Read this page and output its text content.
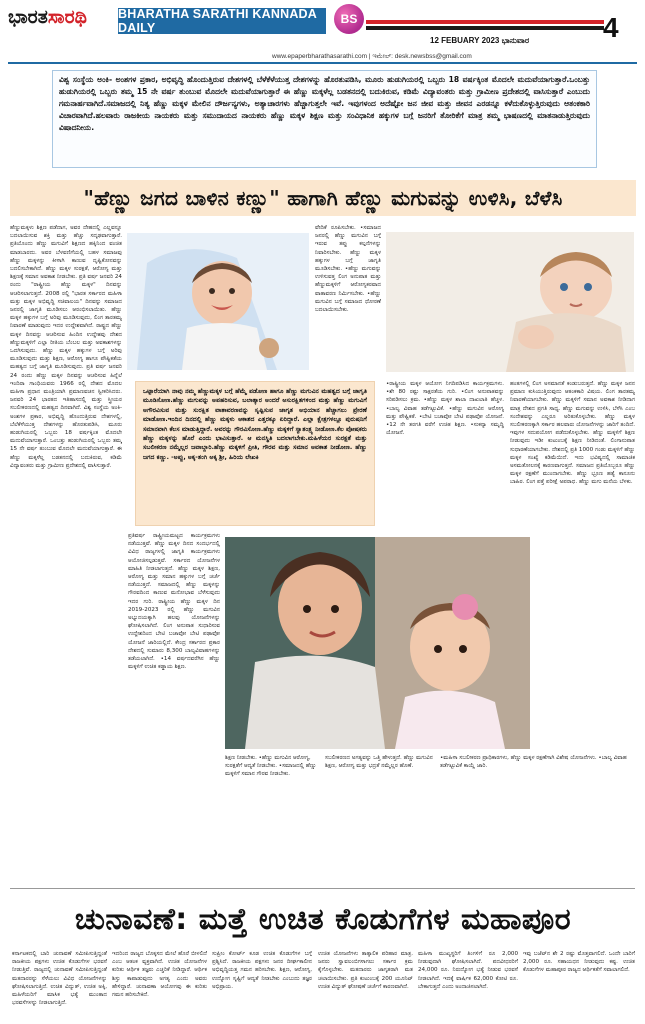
ಭಾರತಸಾರಥಿ BHARATHA SARATHI KANNADA DAILY
BS
12 FEBUARY 2023 ಭಾನುವಾರ	4
www.epaperbharathasarathi.com | ಇಮೇಲ್: desk.newsbss@gmail.com

ವಿಶ್ವ ಸಂಸ್ಥೆಯ ಅಂಕಿ- ಅಂಶಗಳ ಪ್ರಕಾರ, ಅಭಿವೃದ್ಧಿ ಹೊಂದುತ್ತಿರುವ ದೇಶಗಳಲ್ಲಿ ಬೆಳೆಕೆಳೆಯುತ್ತ ದೇಶಗಳನ್ನು ಹೊರತುಪಡಿಸಿ, ಮೂರು ಹುಡುಗಿಯರಲ್ಲಿ ಒಬ್ಬರು 18 ವರ್ಷಕ್ಕಿಂತ ಮೊದಲೇ ಮದುವೆಯಾಗುತ್ತಾರೆ.ಒಂಬತ್ತು ಹುಡುಗಿಯರಲ್ಲಿ ಒಬ್ಬರು ತಮ್ಮ 15 ನೇ ವರ್ಷ ತುಂಬುವ ಮೊದಲೇ ಮದುವೆಯಾಗುತ್ತಾರೆ ಈ ಹೆಣ್ಣು ಮಕ್ಕಳೆಲ್ಲ ಬಡತನದಲ್ಲಿ ಬದುಕಿರುವ, ಕಡಿಮೆ ವಿದ್ಯಾವಂತರು ಮತ್ತು ಗ್ರಾಮೀಣ ಪ್ರದೇಶದಲ್ಲಿ ವಾಸಿಸುತ್ತಾರೆ ಎಂಬುದು ಗಮನಾರ್ಹವಾಗಿದೆ.ಸಮಾಜದಲ್ಲಿ ನಿತ್ಯ ಹೆಣ್ಣು ಮಕ್ಕಳ ಮೇಲಿನ ದೌರ್ಜನ್ಯಗಳು, ಅತ್ಯಾಚಾರಗಳು ಹೆಚ್ಚಾಗುತ್ತಲೇ ಇವೆ. ಇವುಗಳಂದ ಅದೆಷ್ಟೋ ಜನ ಜೀವ ಮತ್ತು ಜೀವನ ಎರಡನ್ನೂ ಕಳೆದುಕೊಳ್ಳುತ್ತಿರುವುದು ಆತಂಕಕಾರಿ ವಿಚಾರವಾಗಿದೆ.ಹಲವಾರು ರಾಜಕೀಯ ನಾಯಕರು ಮತ್ತು ಸಮುದಾಯದ ನಾಯಕರು ಹೆಣ್ಣು ಮಕ್ಕಳ ಶಿಕ್ಷಣ ಮತ್ತು ಸಂವಿಧಾನಿಕ ಹಕ್ಕುಗಳ ಬಗ್ಗೆ ಜನರಿಗೆ ತೋರಿಕೆಗೆ ಮಾತ್ರ ತಮ್ಮ ಭಾಷಣದಲ್ಲಿ ಮಾತನಾಡುತ್ತಿರುವುದು ವಿಷಾದನೀಯ.

"ಹೆಣ್ಣು ಜಗದ ಬಾಳಿನ ಕಣ್ಣು" ಹಾಗಾಗಿ ಹೆಣ್ಣು ಮಗುವನ್ನು ಉಳಿಸಿ, ಬೆಳೆಸಿ
ಹೆಣ್ಣುಮಕ್ಕಳು ಶಿಕ್ಷಣ ಪಡೆದಾಗ, ಅವರ ದೇಹದಲ್ಲಿ ಎಲ್ಲವನ್ನೂ ಬದಲಾಯಿಸುವ ಶಕ್ತಿ ಮತ್ತು ಹೆಚ್ಚು ಸದೃಢವಾಗುತ್ತಾರೆ. ಪ್ರತಿಯೊಂದು ಹೆಣ್ಣು ಮಗುವಿಗೆ ಶಿಕ್ಷಣದ ಹಕ್ಕಿನಿಂದ ವಂಚಿತ ಮಾಡಬಾರದು. ಅವರ ಬೆಳವಣಿಗೆಯಲ್ಲಿ ಬಹಳ ಸಮಾಜವು ಹೆಣ್ಣು ಮಕ್ಕಳನ್ನು ಕೀಳಾಗಿ ಕಾಣುವ ದೃಷ್ಟಿಕೋನವನ್ನು ಬದಲಿಸಬೇಕಾಗಿದೆ. ಹೆಣ್ಣು ಮಕ್ಕಳ ಸುರಕ್ಷತೆ, ಆರೋಗ್ಯ ಮತ್ತು ಶಿಕ್ಷಣಕ್ಕೆ ಸಮಾನ ಅವಕಾಶ ನೀಡಬೇಕು. ಪ್ರತಿ ವರ್ಷ ಜನವರಿ 24 ರಂದು "ರಾಷ್ಟ್ರೀಯ ಹೆಣ್ಣು ಮಕ್ಕಳ" ದಿನವನ್ನು ಆಚರಿಸಲಾಗುತ್ತದೆ. 2008 ರಲ್ಲಿ "ಭಾರತ ಸರ್ಕಾರದ ಮಹಿಳಾ ಮತ್ತು ಮಕ್ಕಳ ಅಭಿವೃದ್ಧಿ ಸಚಿವಾಲಯ" ದಿನವನ್ನು ಸಮಾಜದ ಜನರಲ್ಲಿ ಜಾಗೃತಿ ಮೂಡಿಸಲು ಆರಂಭಿಸಲಾಯಿತು. ಹೆಣ್ಣು ಮಕ್ಕಳ ಹಕ್ಕುಗಳ ಬಗ್ಗೆ ಅರಿವು ಮೂಡಿಸುವುದು, ಲಿಂಗ ತಾರತಮ್ಯ ನಿವಾರಣೆ ಮಾಡುವುದು ಇದರ ಉದ್ದೇಶವಾಗಿದೆ. ರಾಷ್ಟ್ರದ ಹೆಣ್ಣು ಮಕ್ಕಳ ದಿನವನ್ನು ಆಚರಿಸುವ ಹಿಂದಿನ ಉದ್ದೇಶವು ದೇಶದ ಹೆಣ್ಣುಮಕ್ಕಳಿಗೆ ಎಲ್ಲಾ ರೀತಿಯ ಬೆಂಬಲ ಮತ್ತು ಅವಕಾಶಗಳನ್ನು ಒದಗಿಸುವುದು. ಹೆಣ್ಣು ಮಕ್ಕಳ ಹಕ್ಕುಗಳ ಬಗ್ಗೆ ಅರಿವು ಮೂಡಿಸುವುದು ಮತ್ತು ಶಿಕ್ಷಣ, ಆರೋಗ್ಯ ಹಾಗೂ ಪೌಷ್ಟಿಕತೆಯ ಮಹತ್ವದ ಬಗ್ಗೆ ಜಾಗೃತಿ ಮೂಡಿಸುವುದು. ಪ್ರತಿ ವರ್ಷ ಜನವರಿ 24 ರಂದು ಹೆಣ್ಣು ಮಕ್ಕಳ ದಿನವನ್ನು ಆಚರಿಸುವ ಹಿನ್ನೆಲೆ ಇಂದಿರಾ ಗಾಂಧಿಯವರು 1966 ರಲ್ಲಿ ದೇಶದ ಮೊದಲ ಮಹಿಳಾ ಪ್ರಧಾನ ಮಂತ್ರಿಯಾಗಿ ಪ್ರಮಾಣವಚನ ಸ್ವೀಕರಿಸಿದರು. ಜನವರಿ 24 ಭಾರತದ ಇತಿಹಾಸದಲ್ಲಿ ಮತ್ತು ಸ್ತ್ರೀಯರ ಸಬಲೀಕರಣದಲ್ಲಿ ಮಹತ್ವದ ದಿನವಾಗಿದೆ. ವಿಶ್ವ ಸಂಸ್ಥೆಯ ಅಂಕಿ- ಅಂಶಗಳ ಪ್ರಕಾರ, ಅಭಿವೃದ್ಧಿ ಹೊಂದುತ್ತಿರುವ ದೇಶಗಳಲ್ಲಿ, ಬೆಲೆಕೆಳೆಯುತ್ತ ದೇಶಗಳನ್ನು ಹೊರತುಪಡಿಸಿ, ಮೂರು ಹುಡುಗಿಯರಲ್ಲಿ ಒಬ್ಬರು 18 ವರ್ಷಕ್ಕಿಂತ ಮೊದಲೇ ಮದುವೆಯಾಗುತ್ತಾರೆ. ಒಂಬತ್ತು ಹುಡುಗಿಯರಲ್ಲಿ ಒಬ್ಬರು ತಮ್ಮ 15 ನೇ ವರ್ಷ ತುಂಬುವ ಮೊದಲೇ ಮದುವೆಯಾಗುತ್ತಾರೆ. ಈ ಹೆಣ್ಣು ಮಕ್ಕಳೆಲ್ಲ ಬಡತನದಲ್ಲಿ ಬದುಕಿರುವ, ಕಡಿಮೆ ವಿದ್ಯಾವಂತರು ಮತ್ತು ಗ್ರಾಮೀಣ ಪ್ರದೇಶದಲ್ಲಿ ವಾಸಿಸುತ್ತಾರೆ.
ವೇದಿಕೆ ರೂಪಿಸಬೇಕು. •ಸಮಾಜದ ಜನರಲ್ಲಿ ಹೆಣ್ಣು ಮಗುವಿನ ಬಗ್ಗೆ ಇರುವ ತಪ್ಪು ಕಲ್ಪನೆಗಳನ್ನು ನಿವಾರಿಸಬೇಕು. ಹೆಣ್ಣು ಮಕ್ಕಳ ಹಕ್ಕುಗಳ ಬಗ್ಗೆ ಜಾಗೃತಿ ಮೂಡಿಸಬೇಕು. •ಹೆಣ್ಣು ಮಗುವನ್ನು ಉಳಿಸುವತ್ತ ಲಿಂಗ ಅನುಪಾತ ಮತ್ತು ಹೆಣ್ಣುಮಕ್ಕಳಿಗೆ ಆರೋಗ್ಯಕರವಾದ ವಾತಾವರಣ ನಿರ್ಮಿಸಬೇಕು. •ಹೆಣ್ಣು ಮಗುವಿನ ಬಗ್ಗೆ ಸಮಾಜದ ಧೋರಣೆ ಬದಲಾಯಿಸಬೇಕು.
•ರಾಷ್ಟ್ರೀಯ ಮಕ್ಕಳ ಆಯೋಗ ನಿಗದಿಪಡಿಸಿದ ಕಾರ್ಯಕ್ರಮಗಳು. •ಶೇ 80 ರಷ್ಟು ಸಾಕ್ಷರತೆಯ ಗುರಿ. •ಲಿಂಗ ಅನುಪಾತವನ್ನು ಸರಿಪಡಿಸಲು ಕ್ರಮ. •ಹೆಣ್ಣು ಮಕ್ಕಳ ಶಾಲಾ ದಾಖಲಾತಿ ಹೆಚ್ಚಳ. •ಬಾಲ್ಯ ವಿವಾಹ ತಡೆಗಟ್ಟುವಿಕೆ. •ಹೆಣ್ಣು ಮಗುವಿನ ಆರೋಗ್ಯ ಮತ್ತು ಪೌಷ್ಟಿಕತೆ. •ಬೇಟಿ ಬಚಾವೋ ಬೇಟಿ ಪಢಾವೋ ಯೋಜನೆ. •12 ನೇ ತರಗತಿ ವರೆಗೆ ಉಚಿತ ಶಿಕ್ಷಣ. •ಸುಕನ್ಯಾ ಸಮೃದ್ಧಿ ಯೋಜನೆ.
ಹಂತಗಳಲ್ಲಿ ಲಿಂಗ ಅಸಮಾನತೆ ಕಂಡುಬರುತ್ತದೆ. ಹೆಣ್ಣು ಮಕ್ಕಳ ಜನನ ಪ್ರಮಾಣ ಕುಸಿಯುತ್ತಿರುವುದು ಆತಂಕಕಾರಿ ವಿಷಯ. ಲಿಂಗ ತಾರತಮ್ಯ ನಿವಾರಣೆಯಾಗಬೇಕು. ಹೆಣ್ಣು ಮಕ್ಕಳಿಗೆ ಸಮಾನ ಅವಕಾಶ ನೀಡಿದಾಗ ಮಾತ್ರ ದೇಶದ ಪ್ರಗತಿ ಸಾಧ್ಯ. ಹೆಣ್ಣು ಮಗುವನ್ನು ಉಳಿಸಿ, ಬೆಳೆಸಿ ಎಂಬ ಸಂದೇಶವನ್ನು ಎಲ್ಲರೂ ಅರಿತುಕೊಳ್ಳಬೇಕು. ಹೆಣ್ಣು ಮಕ್ಕಳ ಸಬಲೀಕರಣಕ್ಕಾಗಿ ಸರ್ಕಾರ ಹಲವಾರು ಯೋಜನೆಗಳನ್ನು ಜಾರಿಗೆ ತಂದಿದೆ. ಇವುಗಳ ಸದುಪಯೋಗ ಪಡೆದುಕೊಳ್ಳಬೇಕು. ಹೆಣ್ಣು ಮಕ್ಕಳಿಗೆ ಶಿಕ್ಷಣ ನೀಡುವುದು ಇಡೀ ಕುಟುಂಬಕ್ಕೆ ಶಿಕ್ಷಣ ನೀಡಿದಂತೆ. ಲಿಂಗಾನುಪಾತ ಸುಧಾರಣೆಯಾಗಬೇಕು. ದೇಶದಲ್ಲಿ ಪ್ರತಿ 1000 ಗಂಡು ಮಕ್ಕಳಿಗೆ ಹೆಣ್ಣು ಮಕ್ಕಳ ಸಂಖ್ಯೆ ಕಡಿಮೆಯಿದೆ. ಇದು ಭವಿಷ್ಯದಲ್ಲಿ ಸಾಮಾಜಿಕ ಅಸಮತೋಲನಕ್ಕೆ ಕಾರಣವಾಗುತ್ತದೆ. ಸಮಾಜದ ಪ್ರತಿಯೊಬ್ಬರೂ ಹೆಣ್ಣು ಮಕ್ಕಳ ರಕ್ಷಣೆಗೆ ಮುಂದಾಗಬೇಕು. ಹೆಣ್ಣು ಭ್ರೂಣ ಹತ್ಯೆ ಕಾನೂನು ಬಾಹಿರ. ಲಿಂಗ ಪತ್ತೆ ಪರೀಕ್ಷೆ ಅಪರಾಧ. ಹೆಣ್ಣು ಮಗು ಮನೆಯ ಬೆಳಕು.

ಒಟ್ಟಾರೆಯಾಗಿ ನಾವು ನಮ್ಮ ಹೆಣ್ಣುಮಕ್ಕಳ ಬಗ್ಗೆ ಹೆಮ್ಮೆ ಪಡೋಣ ಹಾಗೂ ಹೆಣ್ಣು ಮಗುವಿನ ಮಹತ್ವದ ಬಗ್ಗೆ ಜಾಗೃತಿ ಮೂಡಿಸೋಣ.ಹೆಣ್ಣು ಮಗುವನ್ನು ಅಪಹರಿಸುವ, ಬಲಾತ್ಕಾರ ಅಂದರೆ ಅಸುರಕ್ಷಿತಗಳಿಂದ ಮತ್ತು ಹೆಣ್ಣು ಮಗುವಿಗೆ ಅಗೌರವಿಸುವ ಮತ್ತು ಸುರಕ್ಷಿತ ವಾತಾವರಣವನ್ನು ಸೃಷ್ಟಿಸುವ ಜಾಗೃತ ಅಭಿಯಾನ ಹೆಚ್ಚಾಗಲು ಪ್ರೇರಣೆ ಮಾಡೋಣ.ಇಂದಿನ ದಿನದಲ್ಲಿ ಹೆಣ್ಣು ಮಕ್ಕಳು ಆಕಾಶದ ಎತ್ತರಕ್ಕೂ ಏರಿದ್ದಾರೆ. ಎಲ್ಲಾ ಕ್ಷೇತ್ರಗಳಲ್ಲೂ ಪುರುಷನಿಗೆ ಸಮಾನವಾಗಿ ಕೆಲಸ ಮಾಡುತ್ತಿದ್ದಾರೆ. ಅವರನ್ನು ಗೌರವಿಸೋಣ.ಹೆಣ್ಣು ಮಕ್ಕಳಿಗೆ ಸ್ವಾತಂತ್ರ್ಯ ನೀಡೋಣ.ಕೆಲ ಪೋಷಕರು ಹೆಣ್ಣು ಮಕ್ಕಳನ್ನು ಹೊರೆ ಎಂದು ಭಾವಿಸುತ್ತಾರೆ. ಆ ಮನಸ್ಥಿತಿ ಬದಲಾಗಬೇಕು.ಮಹಿಳೆಯರ ಸುರಕ್ಷತೆ ಮತ್ತು ಸಬಲೀಕರಣ ನಮ್ಮೆಲ್ಲರ ಜವಾಬ್ದಾರಿ.ಹೆಣ್ಣು ಮಕ್ಕಳಿಗೆ ಪ್ರೀತಿ, ಗೌರವ ಮತ್ತು ಸಮಾನ ಅವಕಾಶ ನೀಡೋಣ. ಹೆಣ್ಣು ಜಗದ ಕಣ್ಣು. -ಅಪ್ಪು, ಅಕ್ಕ-ತಂಗಿ ಅಕ್ಕ ಶ್ರೀ, ಹಿರಿಯ ಲೇಖಕಿ

ಪ್ರತಿವರ್ಷ ರಾಷ್ಟ್ರೀಯಮಟ್ಟದ ಕಾರ್ಯಕ್ರಮಗಳು ನಡೆಯುತ್ತವೆ. ಹೆಣ್ಣು ಮಕ್ಕಳ ದಿನದ ಸಂದರ್ಭದಲ್ಲಿ ವಿವಿಧ ರಾಜ್ಯಗಳಲ್ಲಿ ಜಾಗೃತಿ ಕಾರ್ಯಕ್ರಮಗಳು ಆಯೋಜಿಸಲ್ಪಡುತ್ತವೆ. ಸರ್ಕಾರದ ಯೋಜನೆಗಳ ಮಾಹಿತಿ ನೀಡಲಾಗುತ್ತದೆ. ಹೆಣ್ಣು ಮಕ್ಕಳ ಶಿಕ್ಷಣ, ಆರೋಗ್ಯ ಮತ್ತು ಸಮಾನ ಹಕ್ಕುಗಳ ಬಗ್ಗೆ ಚರ್ಚೆ ನಡೆಯುತ್ತದೆ. ಸಮಾಜದಲ್ಲಿ ಹೆಣ್ಣು ಮಕ್ಕಳನ್ನು ಗೌರವದಿಂದ ಕಾಣುವ ಮನೋಭಾವ ಬೆಳೆಸುವುದು ಇದರ ಗುರಿ. ರಾಷ್ಟ್ರೀಯ ಹೆಣ್ಣು ಮಕ್ಕಳ ದಿನ 2019-2023 ರಲ್ಲಿ ಹೆಣ್ಣು ಮಗುವಿನ ಅಭ್ಯುದಯಕ್ಕಾಗಿ ಹಲವು ಯೋಜನೆಗಳನ್ನು ಘೋಷಿಸಲಾಗಿದೆ. ಲಿಂಗ ಅನುಪಾತ ಸುಧಾರಿಸುವ ಉದ್ದೇಶದಿಂದ ಬೇಟಿ ಬಚಾವೋ ಬೇಟಿ ಪಢಾವೋ ಯೋಜನೆ ಜಾರಿಯಲ್ಲಿದೆ. ಕೇಂದ್ರ ಸರ್ಕಾರದ ಪ್ರಕಾರ ದೇಶದಲ್ಲಿ ಸುಮಾರು 8,300 ಬಾಲ್ಯವಿವಾಹಗಳನ್ನು ತಡೆಯಲಾಗಿದೆ. •14 ವರ್ಷದವರೆಗಿನ ಹೆಣ್ಣು ಮಕ್ಕಳಿಗೆ ಉಚಿತ ಕಡ್ಡಾಯ ಶಿಕ್ಷಣ.
ಶಿಕ್ಷಣ ನೀಡಬೇಕು. •ಹೆಣ್ಣು ಮಗುವಿನ ಆರೋಗ್ಯ, ಸುರಕ್ಷತೆಗೆ ಆದ್ಯತೆ ನೀಡಬೇಕು. •ಸಮಾಜದಲ್ಲಿ ಹೆಣ್ಣು ಮಕ್ಕಳಿಗೆ ಸಮಾನ ಗೌರವ ನೀಡಬೇಕು.
ಸಬಲೀಕರಣದ ಅಗತ್ಯವನ್ನು ಒತ್ತಿ ಹೇಳುತ್ತದೆ. ಹೆಣ್ಣು ಮಗುವಿನ ಶಿಕ್ಷಣ, ಆರೋಗ್ಯ ಮತ್ತು ಭದ್ರತೆ ನಮ್ಮೆಲ್ಲರ ಹೊಣೆ.
•ಮಹಿಳಾ ಸಬಲೀಕರಣ ಪ್ರಾಧಿಕಾರಗಳು, ಹೆಣ್ಣು ಮಕ್ಕಳ ರಕ್ಷಣೆಗಾಗಿ ವಿಶೇಷ ಯೋಜನೆಗಳು. •ಬಾಲ್ಯ ವಿವಾಹ ತಡೆಗಟ್ಟುವಿಕೆ ಕಾಯ್ದೆ ಜಾರಿ.
ಚುನಾವಣೆ: ಮತ್ತೆ ಉಚಿತ ಕೊಡುಗೆಗಳ ಮಹಾಪೂರ
ಕರ್ನಾಟಕದಲ್ಲಿ ಬಾರಿ ಚುನಾವಣೆ ಸಮೀಪಿಸುತ್ತಿದ್ದಂತೆ ರಾಜಕೀಯ ಪಕ್ಷಗಳು ಉಚಿತ ಕೊಡುಗೆಗಳ ಭರವಸೆ ನೀಡುತ್ತಿವೆ. ರಾಜ್ಯದಲ್ಲಿ ಚುನಾವಣೆ ಸಮೀಪಿಸುತ್ತಿದ್ದಂತೆ ಮತದಾರರನ್ನು ಸೆಳೆಯಲು ವಿವಿಧ ಯೋಜನೆಗಳನ್ನು ಘೋಷಿಸಲಾಗುತ್ತಿದೆ. ಉಚಿತ ವಿದ್ಯುತ್, ಉಚಿತ ಅಕ್ಕಿ, ಮಹಿಳೆಯರಿಗೆ ಮಾಸಿಕ ಭತ್ಯೆ ಮುಂತಾದ ಭರವಸೆಗಳನ್ನು ನೀಡಲಾಗುತ್ತಿದೆ.
ಇದರಿಂದ ರಾಜ್ಯದ ಬೊಕ್ಕಸದ ಮೇಲೆ ಹೊರೆ ಬೀಳಲಿದೆ ಎಂಬ ಆತಂಕ ವ್ಯಕ್ತವಾಗಿದೆ. ಉಚಿತ ಯೋಜನೆಗಳ ಕುರಿತು ಆರ್ಥಿಕ ತಜ್ಞರು ಎಚ್ಚರಿಕೆ ನೀಡಿದ್ದಾರೆ. ಆರ್ಥಿಕ ಶಿಸ್ತು ಕಾಪಾಡುವುದು ಅಗತ್ಯ ಎಂದು ಅವರು ಹೇಳಿದ್ದಾರೆ. ಚುನಾವಣಾ ಆಯೋಗವು ಈ ಕುರಿತು ಗಮನ ಹರಿಸಬೇಕಿದೆ.
ಸುಪ್ರೀಂ ಕೋರ್ಟ್ ಕೂಡ ಉಚಿತ ಕೊಡುಗೆಗಳ ಬಗ್ಗೆ ಪ್ರಶ್ನಿಸಿದೆ. ರಾಜಕೀಯ ಪಕ್ಷಗಳು ಜನರ ದೀರ್ಘಕಾಲೀನ ಅಭಿವೃದ್ಧಿಯತ್ತ ಗಮನ ಹರಿಸಬೇಕು. ಶಿಕ್ಷಣ, ಆರೋಗ್ಯ, ಉದ್ಯೋಗ ಸೃಷ್ಟಿಗೆ ಆದ್ಯತೆ ನೀಡಬೇಕು ಎಂಬುದು ತಜ್ಞರ ಅಭಿಪ್ರಾಯ.
ಉಚಿತ ಯೋಜನೆಗಳು ತಾತ್ಕಾಲಿಕ ಪರಿಹಾರ ಮಾತ್ರ. ಜನರು ಸ್ವಾವಲಂಬಿಗಳಾಗಲು ಸರ್ಕಾರ ಕ್ರಮ ಕೈಗೊಳ್ಳಬೇಕು. ಮತದಾರರು ಜಾಗೃತರಾಗಿ ಮತ ಚಲಾಯಿಸಬೇಕು. ಪ್ರತಿ ಕುಟುಂಬಕ್ಕೆ 200 ಯೂನಿಟ್ ಉಚಿತ ವಿದ್ಯುತ್ ಘೋಷಣೆ ಚರ್ಚೆಗೆ ಕಾರಣವಾಗಿದೆ.
ಮಹಿಳಾ ಮುಖ್ಯಸ್ಥರಿಗೆ ತಿಂಗಳಿಗೆ ರೂ 2,000 ನೀಡುವುದಾಗಿ ಘೋಷಿಸಲಾಗಿದೆ. ಪದವೀಧರರಿಗೆ 24,000 ರೂ. ನಿರುದ್ಯೋಗ ಭತ್ಯೆ ನೀಡುವ ಭರವಸೆ ನೀಡಲಾಗಿದೆ. ಇದಕ್ಕೆ ವಾರ್ಷಿಕ 62,000 ಕೋಟಿ ರೂ. ಬೇಕಾಗುತ್ತದೆ ಎಂದು ಅಂದಾಜಿಸಲಾಗಿದೆ.
ಇವು ಬಜೆಟ್‌ನ ಶೇ 2 ರಷ್ಟು ಮೊತ್ತವಾಗಲಿದೆ. ಒಂದೇ ಬಾರಿಗೆ 2,000 ರೂ. ಸಹಾಯಧನ ನೀಡುವುದು ಕಷ್ಟ. ಉಚಿತ ಕೊಡುಗೆಗಳ ಮಹಾಪೂರ ರಾಜ್ಯದ ಆರ್ಥಿಕತೆಗೆ ಸವಾಲಾಗಲಿದೆ.
